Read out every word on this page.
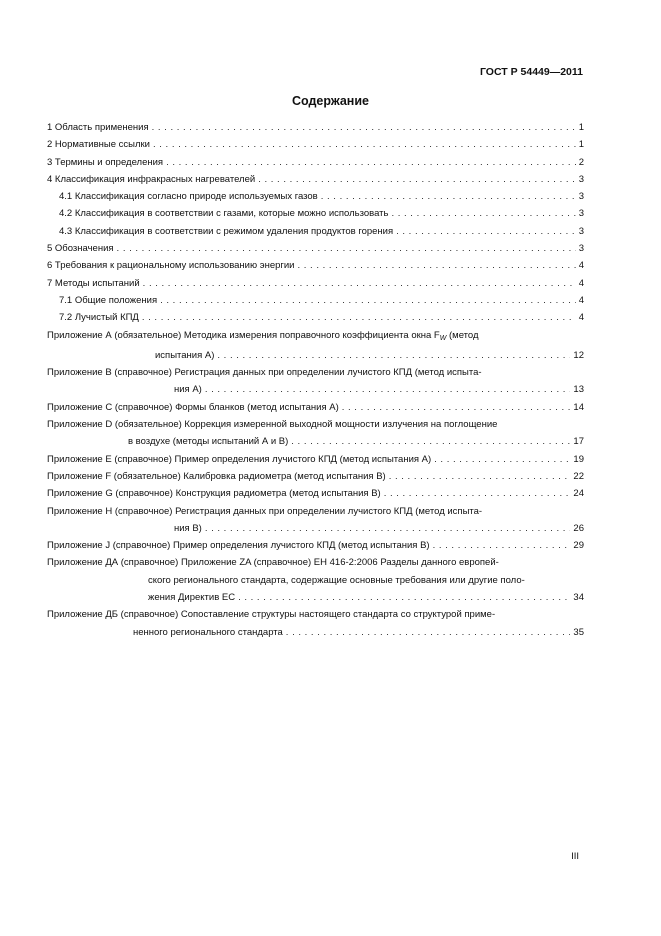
ГОСТ Р 54449—2011
Содержание
1 Область применения . . .	1
2 Нормативные ссылки . . .	1
3 Термины и определения . . .	2
4 Классификация инфракрасных нагревателей . . .	3
4.1 Классификация согласно природе используемых газов . . .	3
4.2 Классификация в соответствии с газами, которые можно использовать . . .	3
4.3 Классификация в соответствии с режимом удаления продуктов горения . . .	3
5 Обозначения . . .	3
6 Требования к рациональному использованию энергии . . .	4
7 Методы испытаний . . .	4
7.1 Общие положения . . .	4
7.2 Лучистый КПД . . .	4
Приложение А (обязательное) Методика измерения поправочного коэффициента окна $F_W$ (метод
испытания А) . . .	12
Приложение В (справочное) Регистрация данных при определении лучистого КПД (метод испыта-
ния А) . . .	13
Приложение С (справочное) Формы бланков (метод испытания А) . . .	14
Приложение D (обязательное) Коррекция измеренной выходной мощности излучения на поглощение
в воздухе (методы испытаний А и В) . . .	17
Приложение E (справочное) Пример определения лучистого КПД (метод испытания А) . . .	19
Приложение F (обязательное) Калибровка радиометра (метод испытания В) . . .	22
Приложение G (справочное) Конструкция радиометра (метод испытания В) . . .	24
Приложение H (справочное) Регистрация данных при определении лучистого КПД (метод испыта-
ния В) . . .	26
Приложение J (справочное) Пример определения лучистого КПД (метод испытания В) . . .	29
Приложение ДА (справочное) Приложение ZA (справочное) ЕН 416-2:2006 Разделы данного европей-
ского регионального стандарта, содержащие основные требования или другие поло-
жения Директив ЕС . . .	34
Приложение ДБ (справочное) Сопоставление структуры настоящего стандарта со структурой приме-
ненного регионального стандарта . . .	35
III
